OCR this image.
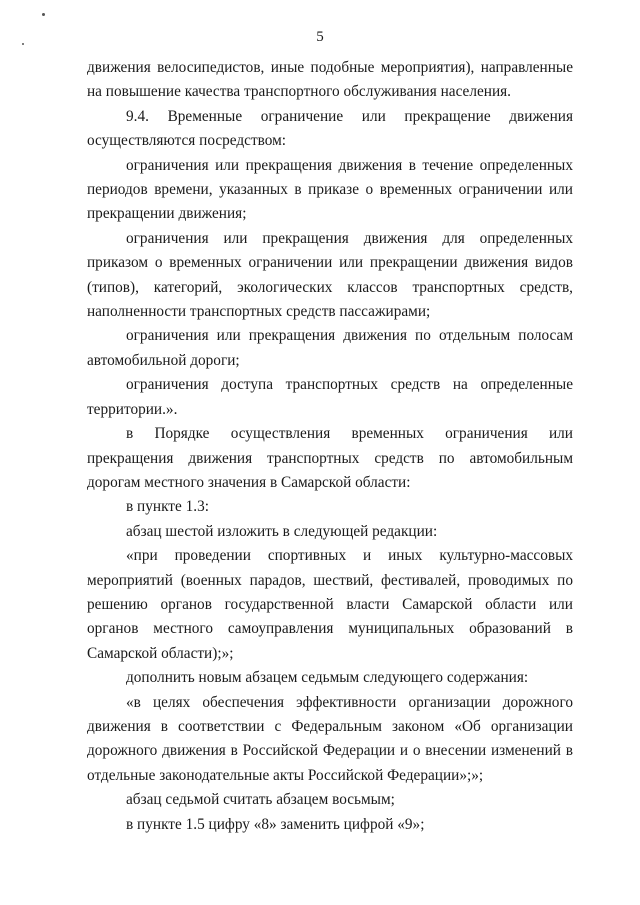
5

движения велосипедистов, иные подобные мероприятия), направленные на повышение качества транспортного обслуживания населения.

9.4. Временные ограничение или прекращение движения осуществляются посредством:

ограничения или прекращения движения в течение определенных периодов времени, указанных в приказе о временных ограничении или прекращении движения;

ограничения или прекращения движения для определенных приказом о временных ограничении или прекращении движения видов (типов), категорий, экологических классов транспортных средств, наполненности транспортных средств пассажирами;

ограничения или прекращения движения по отдельным полосам автомобильной дороги;

ограничения доступа транспортных средств на определенные территории.».

в Порядке осуществления временных ограничения или прекращения движения транспортных средств по автомобильным дорогам местного значения в Самарской области:

в пункте 1.3:

абзац шестой изложить в следующей редакции:

«при проведении спортивных и иных культурно-массовых мероприятий (военных парадов, шествий, фестивалей, проводимых по решению органов государственной власти Самарской области или органов местного самоуправления муниципальных образований в Самарской области);»;

дополнить новым абзацем седьмым следующего содержания:

«в целях обеспечения эффективности организации дорожного движения в соответствии с Федеральным законом «Об организации дорожного движения в Российской Федерации и о внесении изменений в отдельные законодательные акты Российской Федерации»;»;

абзац седьмой считать абзацем восьмым;

в пункте 1.5 цифру «8» заменить цифрой «9»;
